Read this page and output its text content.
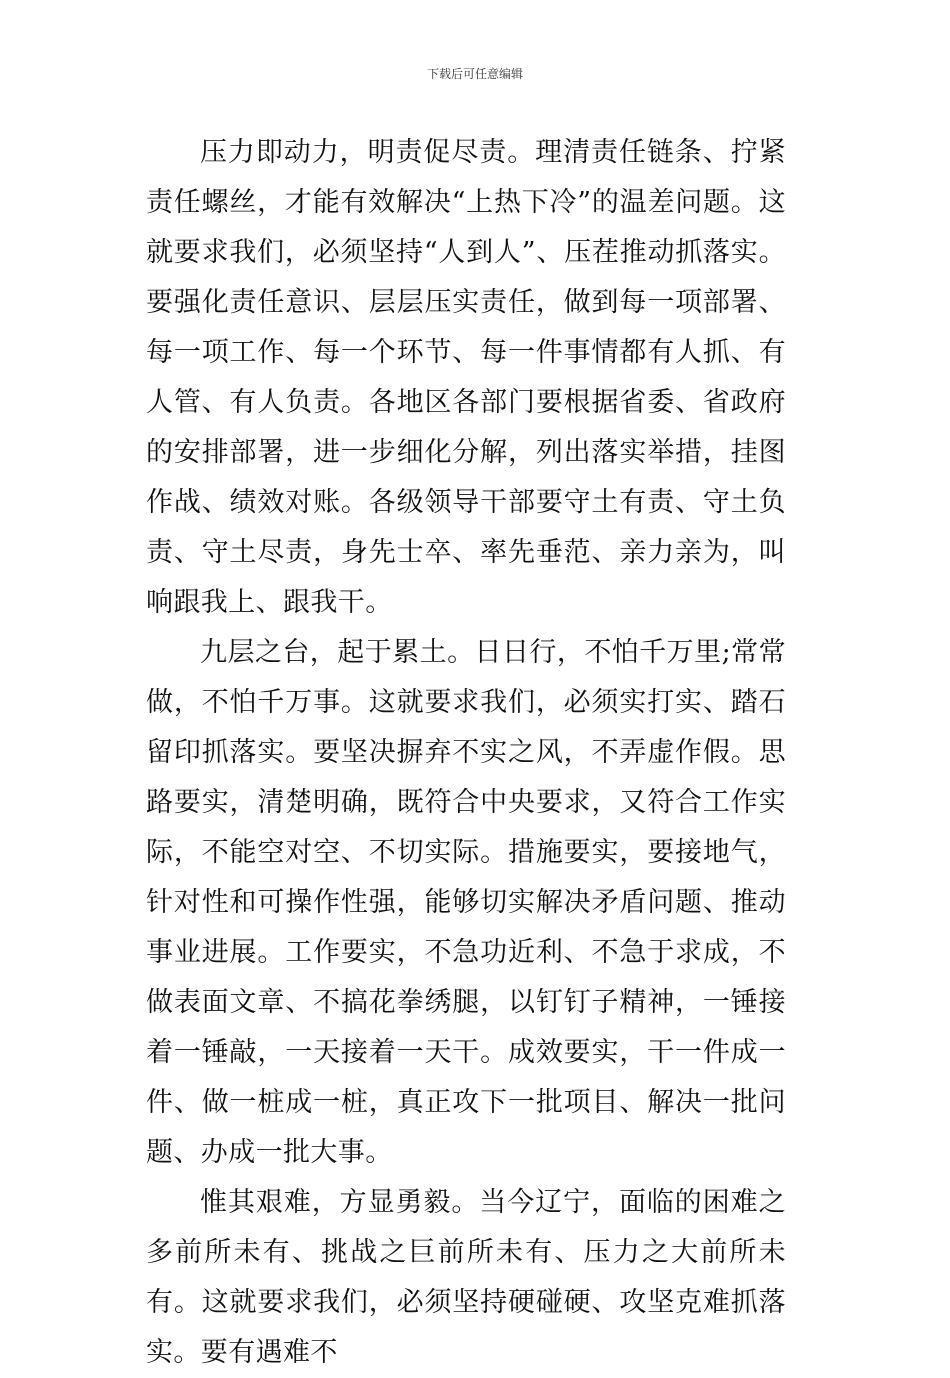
下载后可任意编辑

压力即动力，明责促尽责。理清责任链条、拧紧责任螺丝，才能有效解决“上热下冷”的温差问题。这就要求我们，必须坚持“人到人”、压茬推动抓落实。要强化责任意识、层层压实责任，做到每一项部署、每一项工作、每一个环节、每一件事情都有人抓、有人管、有人负责。各地区各部门要根据省委、省政府的安排部署，进一步细化分解，列出落实举措，挂图作战、绩效对账。各级领导干部要守土有责、守土负责、守土尽责，身先士卒、率先垂范、亲力亲为，叫响跟我上、跟我干。

九层之台，起于累土。日日行，不怕千万里;常常做，不怕千万事。这就要求我们，必须实打实、踏石留印抓落实。要坚决摒弃不实之风，不弄虚作假。思路要实，清楚明确，既符合中央要求，又符合工作实际，不能空对空、不切实际。措施要实，要接地气，针对性和可操作性强，能够切实解决矛盾问题、推动事业进展。工作要实，不急功近利、不急于求成，不做表面文章、不搞花拳绣腿，以钉钉子精神，一锤接着一锤敲，一天接着一天干。成效要实，干一件成一件、做一桩成一桩，真正攻下一批项目、解决一批问题、办成一批大事。

惟其艰难，方显勇毅。当今辽宁，面临的困难之多前所未有、挑战之巨前所未有、压力之大前所未有。这就要求我们，必须坚持硬碰硬、攻坚克难抓落实。要有遇难不
